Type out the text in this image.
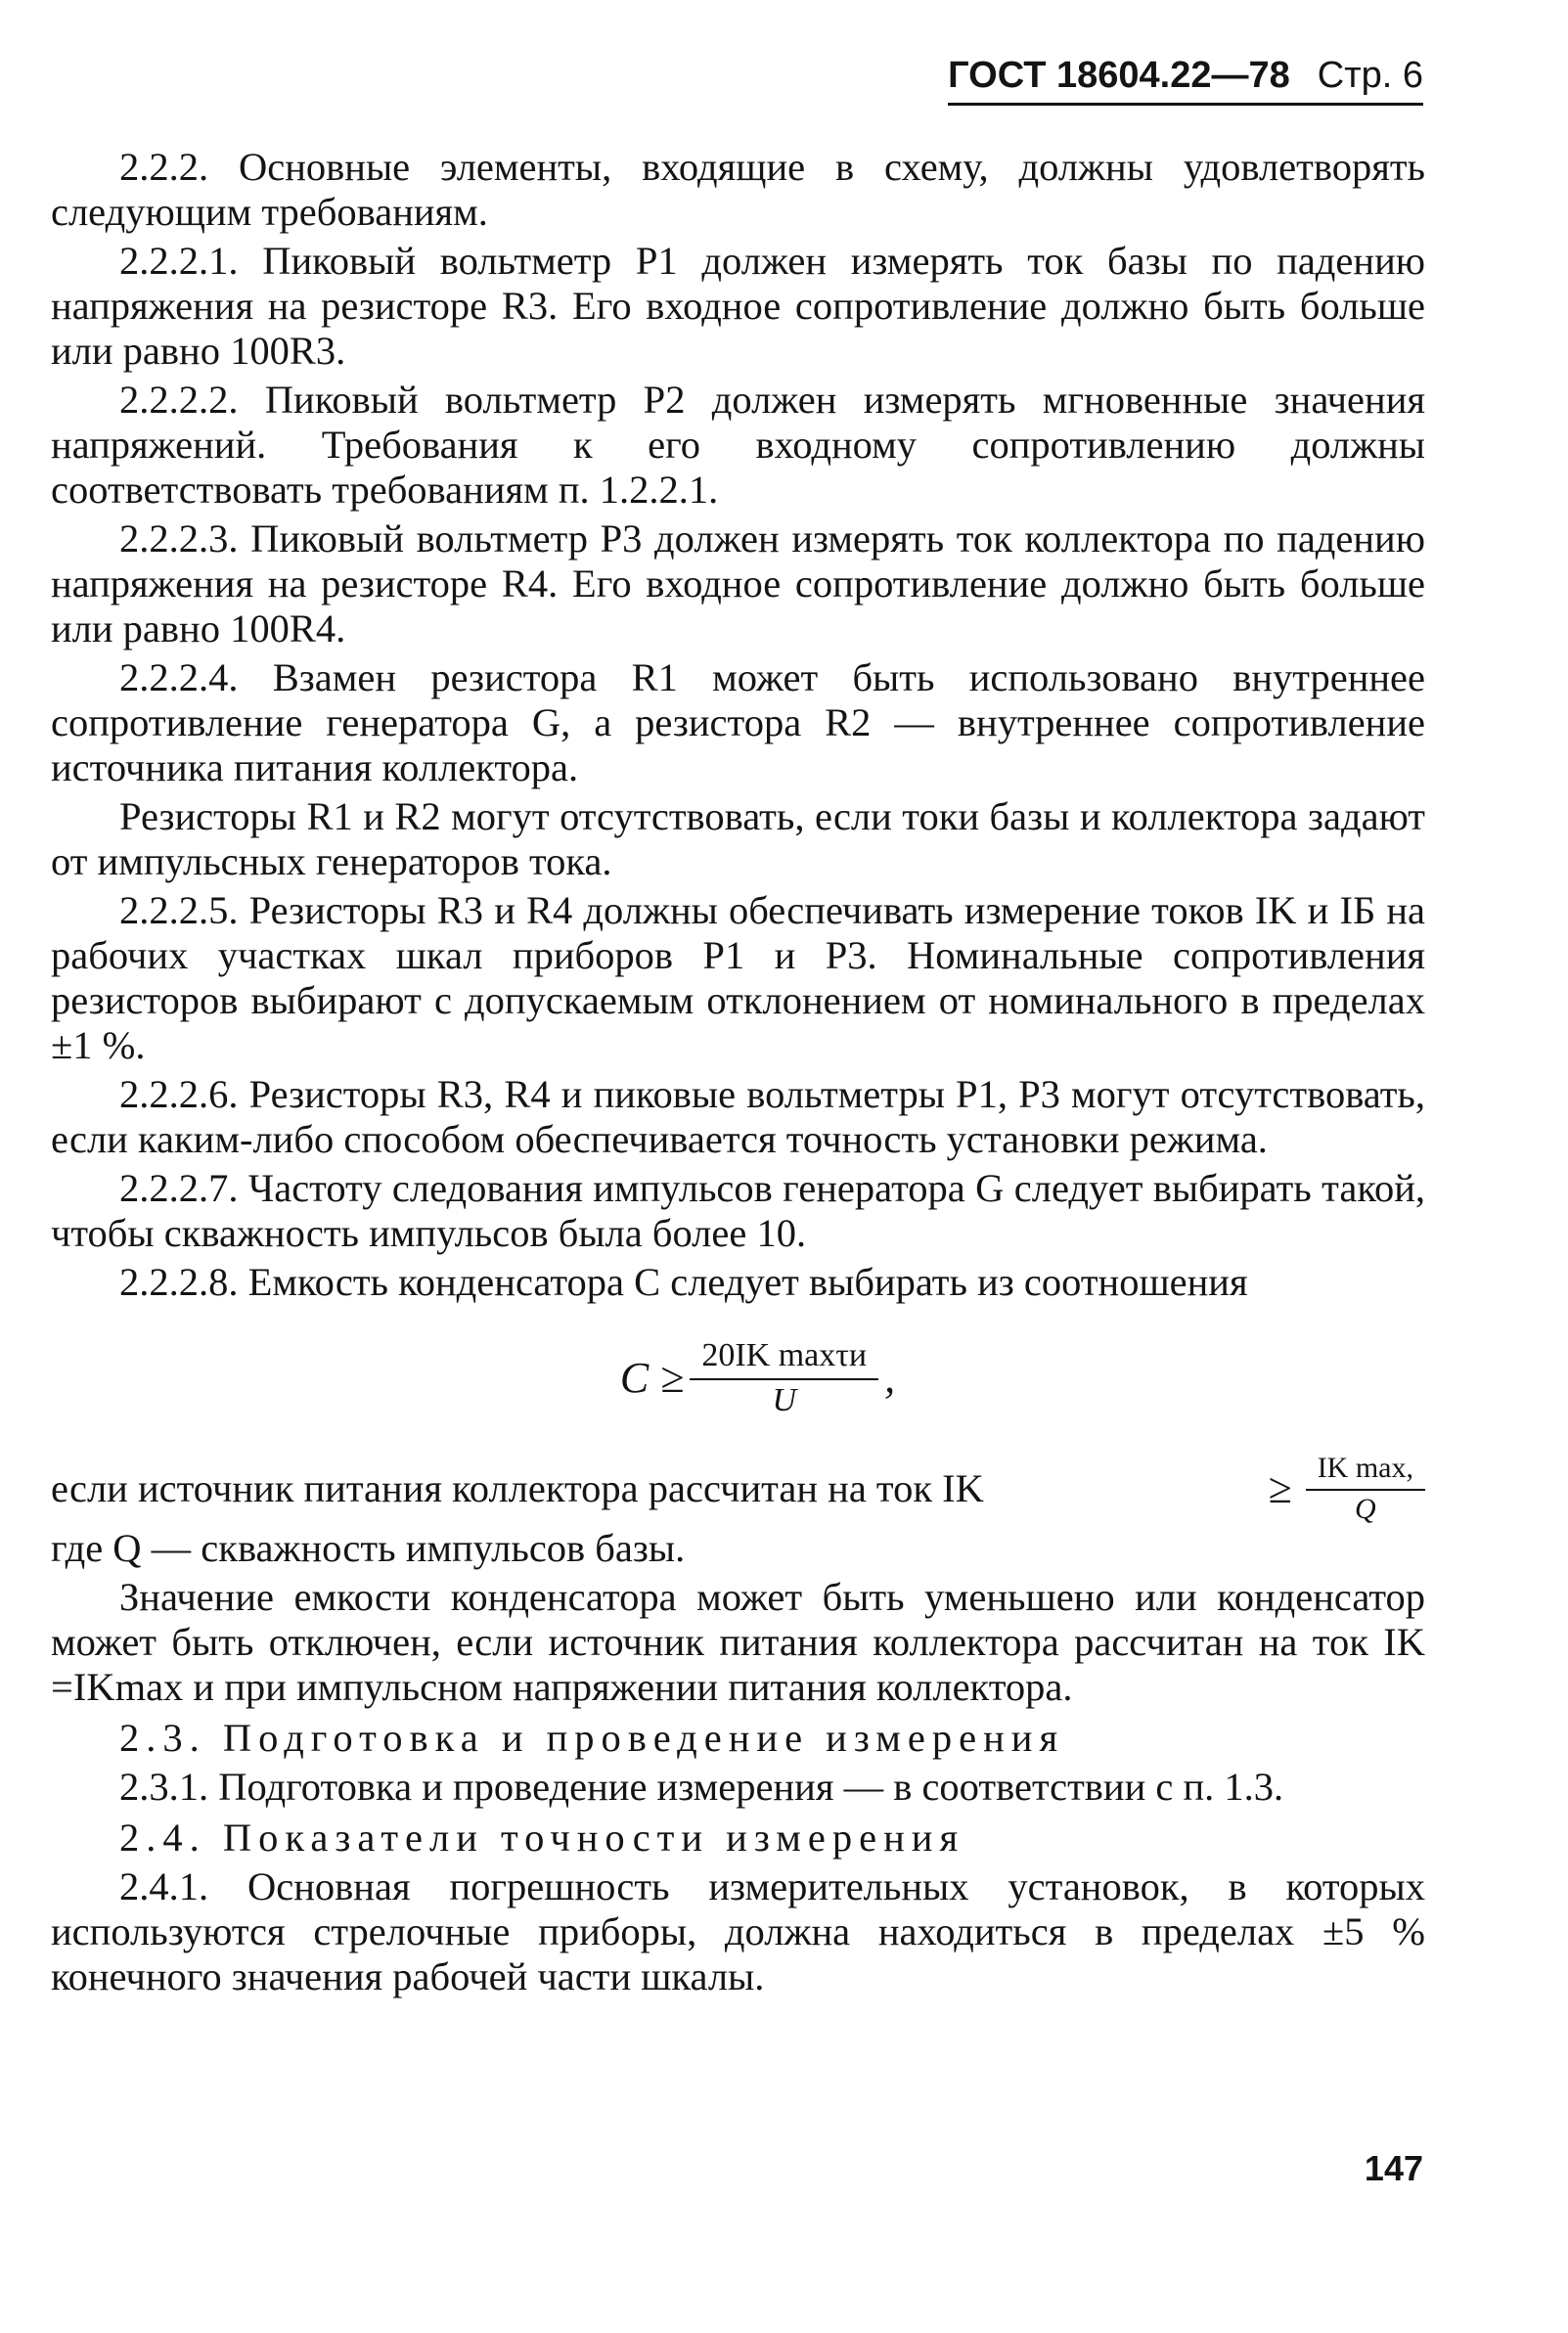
ГОСТ 18604.22—78 Стр. 6

2.2.2. Основные элементы, входящие в схему, должны удовлетворять следующим требованиям.

2.2.2.1. Пиковый вольтметр P1 должен измерять ток базы по падению напряжения на резисторе R3. Его входное сопротивление должно быть больше или равно 100R3.

2.2.2.2. Пиковый вольтметр P2 должен измерять мгновенные значения напряжений. Требования к его входному сопротивлению должны соответствовать требованиям п. 1.2.2.1.

2.2.2.3. Пиковый вольтметр P3 должен измерять ток коллектора по падению напряжения на резисторе R4. Его входное сопротивление должно быть больше или равно 100R4.

2.2.2.4. Взамен резистора R1 может быть использовано внутреннее сопротивление генератора G, а резистора R2 — внутреннее сопротивление источника питания коллектора.

Резисторы R1 и R2 могут отсутствовать, если токи базы и коллектора задают от импульсных генераторов тока.

2.2.2.5. Резисторы R3 и R4 должны обеспечивать измерение токов IK и IБ на рабочих участках шкал приборов P1 и P3. Номинальные сопротивления резисторов выбирают с допускаемым отклонением от номинального в пределах ±1 %.

2.2.2.6. Резисторы R3, R4 и пиковые вольтметры P1, P3 могут отсутствовать, если каким-либо способом обеспечивается точность установки режима.

2.2.2.7. Частоту следования импульсов генератора G следует выбирать такой, чтобы скважность импульсов была более 10.

2.2.2.8. Емкость конденсатора C следует выбирать из соотношения

$C \ge \frac{\text{20IK maxτи}}{U}$ ,

если источник питания коллектора рассчитан на ток IK	≥ $\frac{\text{IK max,}}{Q}$

где Q — скважность импульсов базы.

Значение емкости конденсатора может быть уменьшено или конденсатор может быть отключен, если источник питания коллектора рассчитан на ток IK =IKmax и при импульсном напряжении питания коллектора.

2.3. Подготовка и проведение измерения

2.3.1. Подготовка и проведение измерения — в соответствии с п. 1.3.

2.4. Показатели точности измерения

2.4.1. Основная погрешность измерительных установок, в которых используются стрелочные приборы, должна находиться в пределах ±5 % конечного значения рабочей части шкалы.

147
